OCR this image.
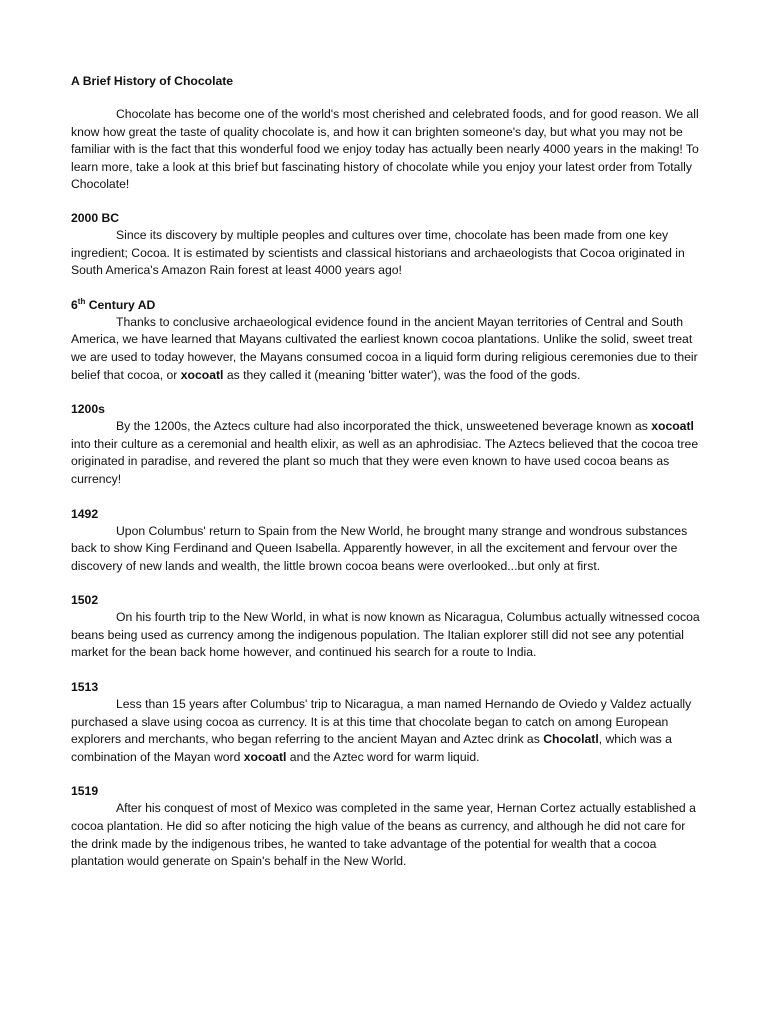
A Brief History of Chocolate

Chocolate has become one of the world's most cherished and celebrated foods, and for good reason. We all know how great the taste of quality chocolate is, and how it can brighten someone's day, but what you may not be familiar with is the fact that this wonderful food we enjoy today has actually been nearly 4000 years in the making! To learn more, take a look at this brief but fascinating history of chocolate while you enjoy your latest order from Totally Chocolate!

2000 BC

Since its discovery by multiple peoples and cultures over time, chocolate has been made from one key ingredient; Cocoa. It is estimated by scientists and classical historians and archaeologists that Cocoa originated in South America's Amazon Rain forest at least 4000 years ago!

6th Century AD

Thanks to conclusive archaeological evidence found in the ancient Mayan territories of Central and South America, we have learned that Mayans cultivated the earliest known cocoa plantations. Unlike the solid, sweet treat we are used to today however, the Mayans consumed cocoa in a liquid form during religious ceremonies due to their belief that cocoa, or xocoatl as they called it (meaning 'bitter water'), was the food of the gods.

1200s

By the 1200s, the Aztecs culture had also incorporated the thick, unsweetened beverage known as xocoatl into their culture as a ceremonial and health elixir, as well as an aphrodisiac. The Aztecs believed that the cocoa tree originated in paradise, and revered the plant so much that they were even known to have used cocoa beans as currency!

1492

Upon Columbus' return to Spain from the New World, he brought many strange and wondrous substances back to show King Ferdinand and Queen Isabella. Apparently however, in all the excitement and fervour over the discovery of new lands and wealth, the little brown cocoa beans were overlooked...but only at first.

1502

On his fourth trip to the New World, in what is now known as Nicaragua, Columbus actually witnessed cocoa beans being used as currency among the indigenous population. The Italian explorer still did not see any potential market for the bean back home however, and continued his search for a route to India.

1513

Less than 15 years after Columbus' trip to Nicaragua, a man named Hernando de Oviedo y Valdez actually purchased a slave using cocoa as currency. It is at this time that chocolate began to catch on among European explorers and merchants, who began referring to the ancient Mayan and Aztec drink as Chocolatl, which was a combination of the Mayan word xocoatl and the Aztec word for warm liquid.

1519

After his conquest of most of Mexico was completed in the same year, Hernan Cortez actually established a cocoa plantation. He did so after noticing the high value of the beans as currency, and although he did not care for the drink made by the indigenous tribes, he wanted to take advantage of the potential for wealth that a cocoa plantation would generate on Spain's behalf in the New World.
